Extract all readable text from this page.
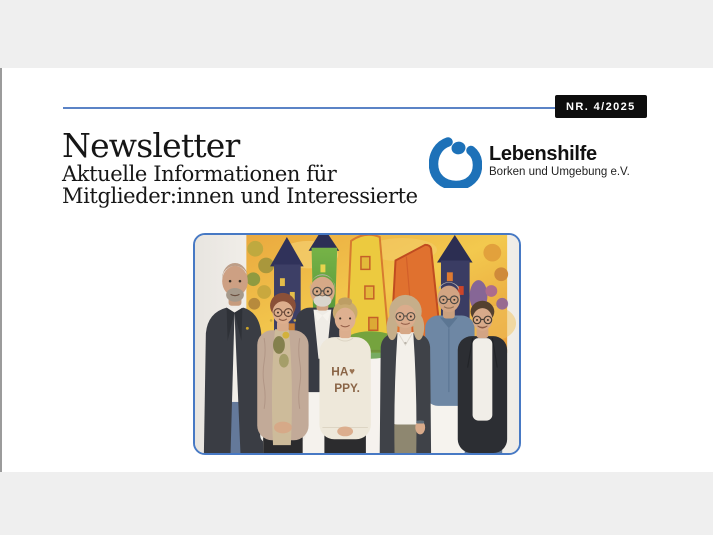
NR. 4/2025
Newsletter

Aktuelle Informationen für
Mitglieder:innen und Interessierte

Lebenshilfe
Borken und Umgebung e.V.
HA ♥
PPY.
